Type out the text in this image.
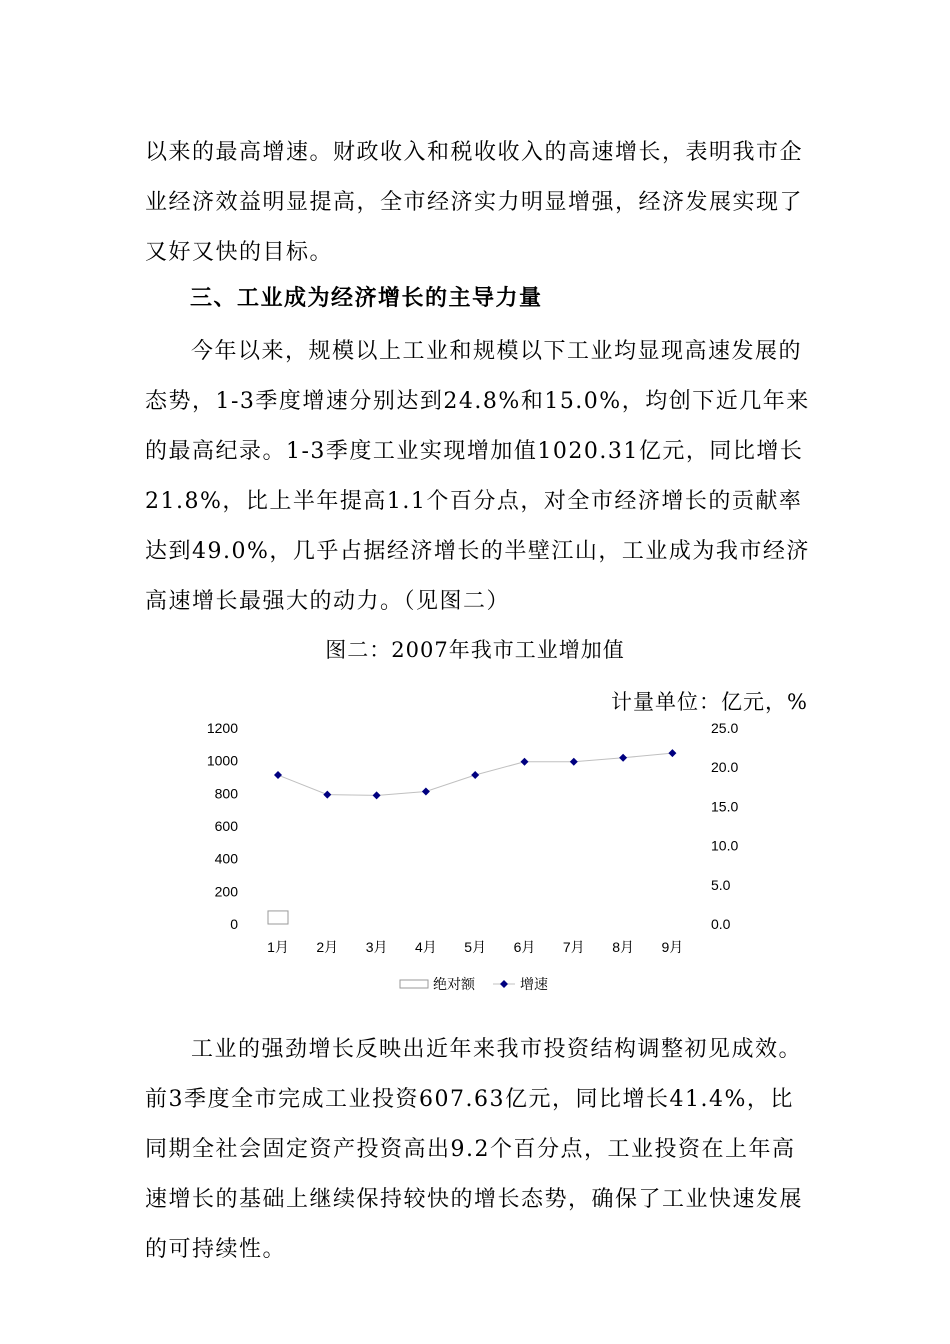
以来的最高增速。财政收入和税收收入的高速增长，表明我市企业经济效益明显提高，全市经济实力明显增强，经济发展实现了又好又快的目标。

三、工业成为经济增长的主导力量

今年以来，规模以上工业和规模以下工业均显现高速发展的态势，1-3季度增速分别达到24.8%和15.0%，均创下近几年来的最高纪录。1-3季度工业实现增加值1020.31亿元，同比增长21.8%，比上半年提高1.1个百分点，对全市经济增长的贡献率达到49.0%，几乎占据经济增长的半壁江山，工业成为我市经济高速增长最强大的动力。（见图二）

图二：2007年我市工业增加值
计量单位：亿元，%
0
200
400
600
800
1000
1200
0.0
5.0
10.0
15.0
20.0
25.0
1月 2月 3月 4月 5月 6月 7月 8月 9月
绝对额	增速

工业的强劲增长反映出近年来我市投资结构调整初见成效。前3季度全市完成工业投资607.63亿元，同比增长41.4%，比同期全社会固定资产投资高出9.2个百分点，工业投资在上年高速增长的基础上继续保持较快的增长态势，确保了工业快速发展的可持续性。
